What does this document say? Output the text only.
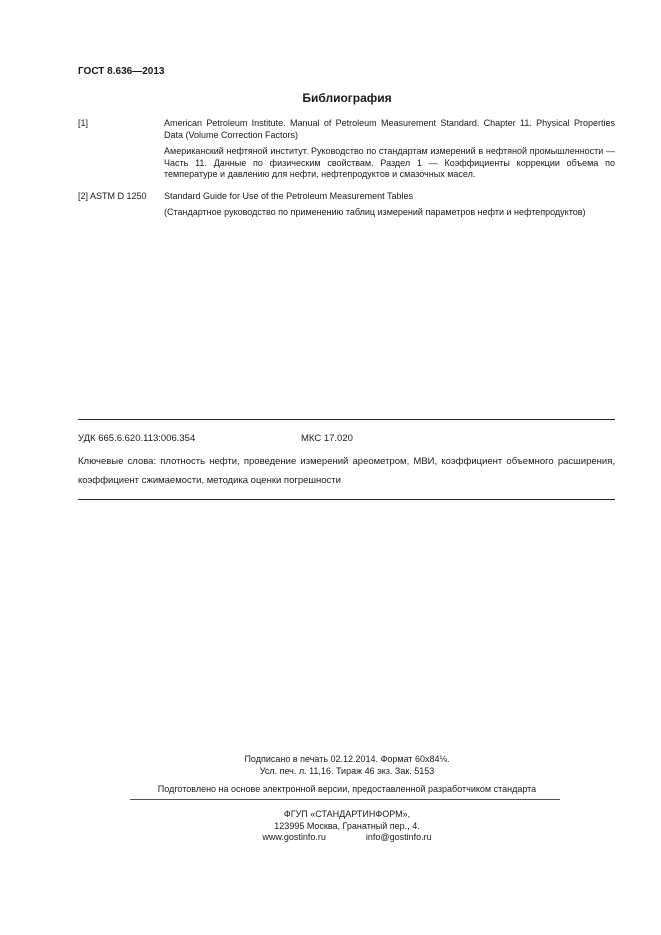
ГОСТ 8.636—2013
Библиография
[1]	American Petroleum Institute. Manual of Petroleum Measurement Standard. Chapter 11. Physical Properties Data (Volume Correction Factors)

Американский нефтяной институт. Руководство по стандартам измерений в нефтяной промышленности — Часть 11. Данные по физическим свойствам. Раздел 1 — Коэффициенты коррекции объема по температуре и давлению для нефти, нефтепродуктов и смазочных масел.

[2] ASTM D 1250	Standard Guide for Use of the Petroleum Measurement Tables

(Стандартное руководство по применению таблиц измерений параметров нефти и нефтепродуктов)

УДК 665.6.620.113:006.354	МКС 17.020
Ключевые слова: плотность нефти, проведение измерений ареометром, МВИ, коэффициент объемного расширения, коэффициент сжимаемости, методика оценки погрешности
Подписано в печать 02.12.2014. Формат 60x84⅛.
Усл. печ. л. 11,16. Тираж 46 экз. Зак. 5153
Подготовлено на основе электронной версии, предоставленной разработчиком стандарта
ФГУП «СТАНДАРТИНФОРМ»,
123995 Москва, Гранатный пер., 4.
www.gostinfo.ru	info@gostinfo.ru
